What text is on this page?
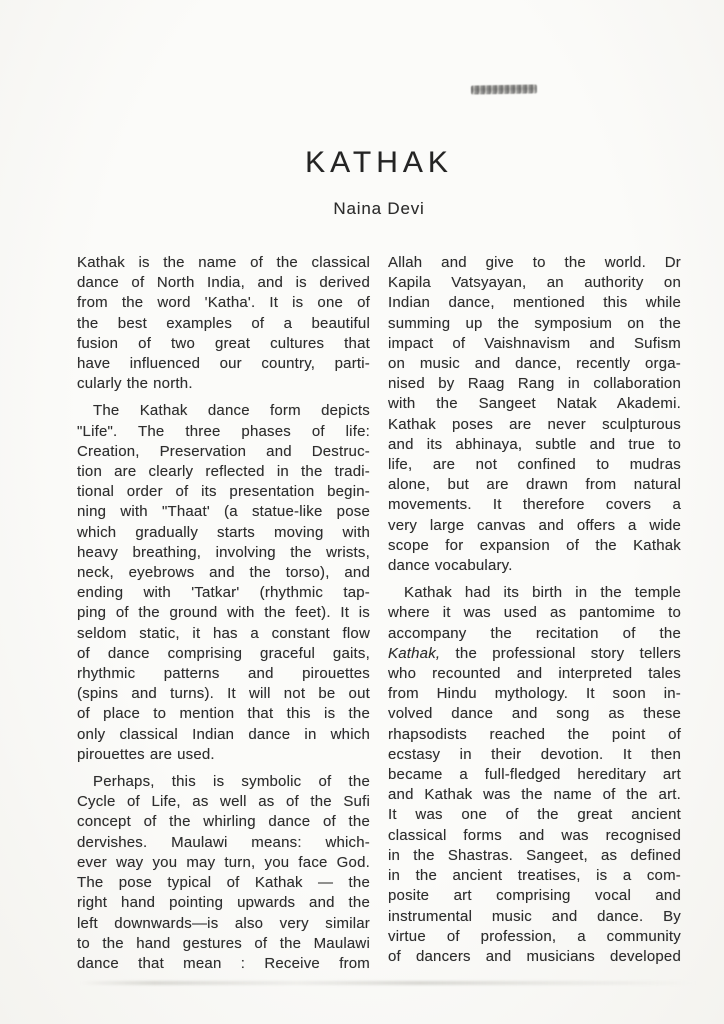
KATHAK
Naina Devi
Kathak is the name of the classical
dance of North India, and is derived
from the word 'Katha'. It is one of
the best examples of a beautiful
fusion of two great cultures that
have influenced our country, parti-
cularly the north.
The Kathak dance form depicts
"Life". The three phases of life:
Creation, Preservation and Destruc-
tion are clearly reflected in the tradi-
tional order of its presentation begin-
ning with "Thaat' (a statue-like pose
which gradually starts moving with
heavy breathing, involving the wrists,
neck, eyebrows and the torso), and
ending with 'Tatkar' (rhythmic tap-
ping of the ground with the feet). It is
seldom static, it has a constant flow
of dance comprising graceful gaits,
rhythmic patterns and pirouettes
(spins and turns). It will not be out
of place to mention that this is the
only classical Indian dance in which
pirouettes are used.
Perhaps, this is symbolic of the
Cycle of Life, as well as of the Sufi
concept of the whirling dance of the
dervishes. Maulawi means: which-
ever way you may turn, you face God.
The pose typical of Kathak — the
right hand pointing upwards and the
left downwards—is also very similar
to the hand gestures of the Maulawi
dance that mean : Receive from
Allah and give to the world. Dr
Kapila Vatsyayan, an authority on
Indian dance, mentioned this while
summing up the symposium on the
impact of Vaishnavism and Sufism
on music and dance, recently orga-
nised by Raag Rang in collaboration
with the Sangeet Natak Akademi.
Kathak poses are never sculpturous
and its abhinaya, subtle and true to
life, are not confined to mudras
alone, but are drawn from natural
movements. It therefore covers a
very large canvas and offers a wide
scope for expansion of the Kathak
dance vocabulary.
Kathak had its birth in the temple
where it was used as pantomime to
accompany the recitation of the
Kathak, the professional story tellers
who recounted and interpreted tales
from Hindu mythology. It soon in-
volved dance and song as these
rhapsodists reached the point of
ecstasy in their devotion. It then
became a full-fledged hereditary art
and Kathak was the name of the art.
It was one of the great ancient
classical forms and was recognised
in the Shastras. Sangeet, as defined
in the ancient treatises, is a com-
posite art comprising vocal and
instrumental music and dance. By
virtue of profession, a community
of dancers and musicians developed
